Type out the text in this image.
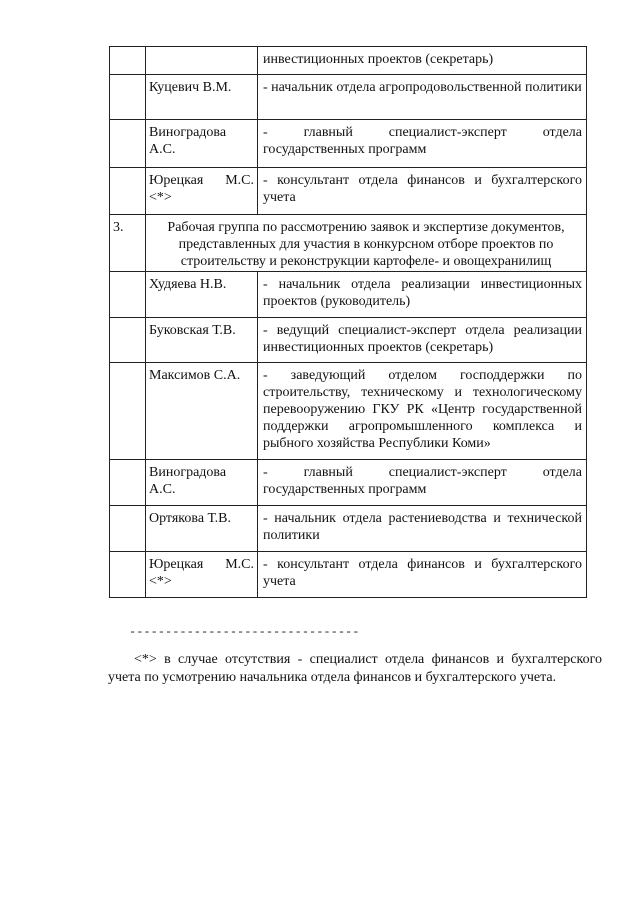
		инвестиционных проектов (секретарь)
	Куцевич В.М.	- начальник отдела агропродовольственной политики

	Виноградова А.С.	- главный специалист-эксперт отдела государственных программ

	Юрецкая М.С. <*>	- консультант отдела финансов и бухгалтерского учета
3.	Рабочая группа по рассмотрению заявок и экспертизе документов, представленных для участия в конкурсном отборе проектов по строительству и реконструкции картофеле- и овощехранилищ	
	Худяева Н.В.	- начальник отдела реализации инвестиционных проектов (руководитель)
	Буковская Т.В.	- ведущий специалист-эксперт отдела реализации инвестиционных проектов (секретарь)
	Максимов С.А.	- заведующий отделом господдержки по строительству, техническому и технологическому перевооружению ГКУ РК «Центр государственной поддержки агропромышленного комплекса и рыбного хозяйства Республики Коми»

	Виноградова А.С.	- главный специалист-эксперт отдела государственных программ
	Ортякова Т.В.	- начальник отдела растениеводства и технической политики

	Юрецкая М.С. <*>	- консультант отдела финансов и бухгалтерского учета
--------------------------------
<*> в случае отсутствия - специалист отдела финансов и бухгалтерского учета по усмотрению начальника отдела финансов и бухгалтерского учета.
